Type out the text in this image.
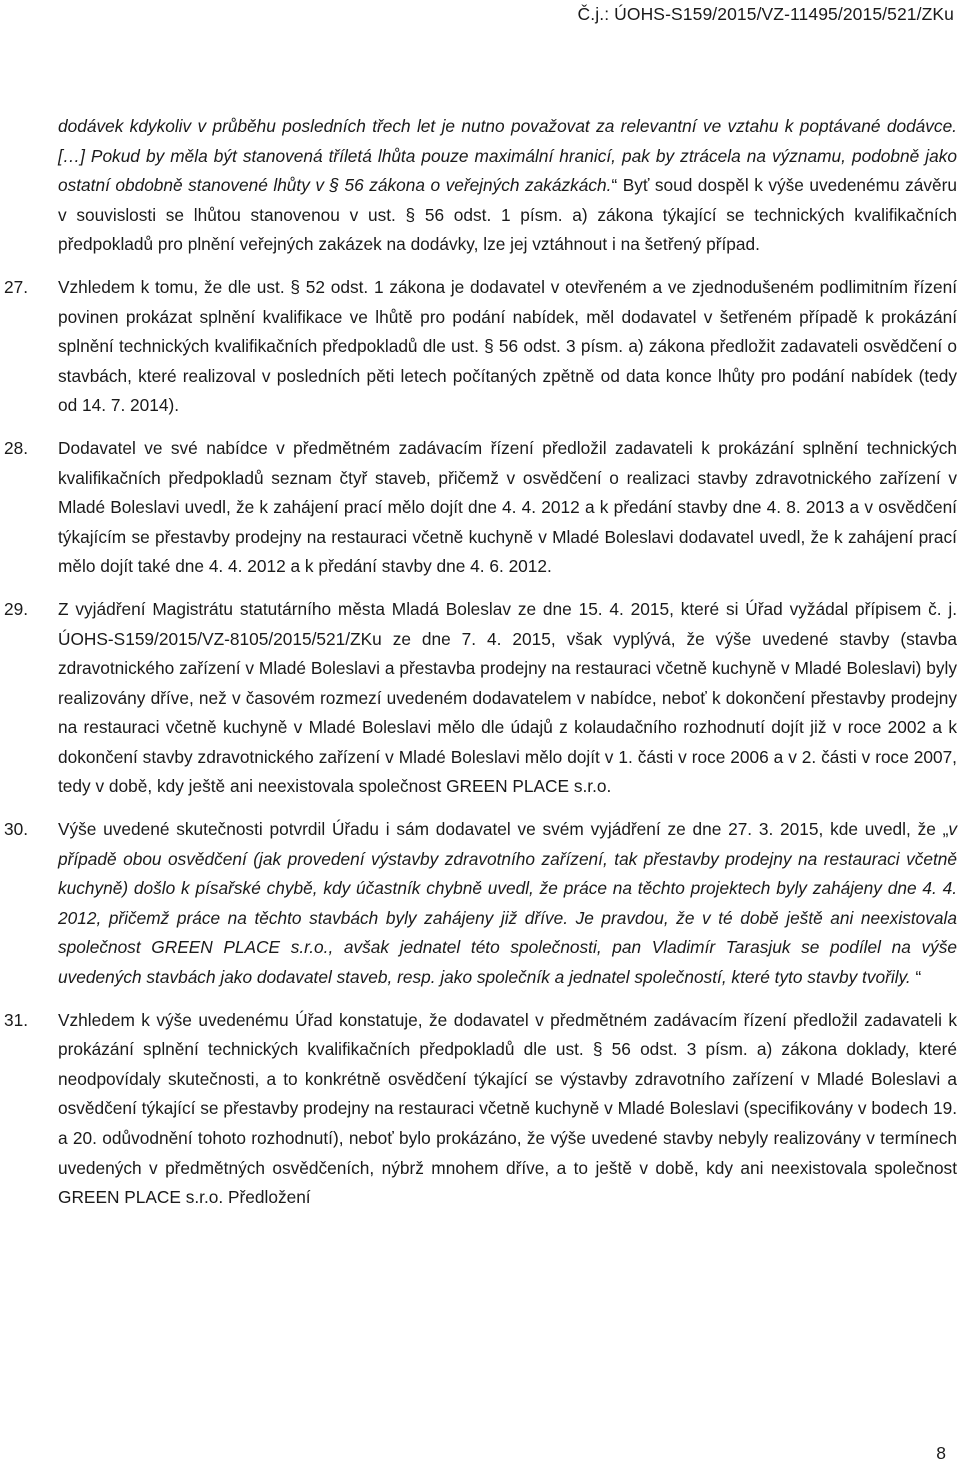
Č.j.: ÚOHS-S159/2015/VZ-11495/2015/521/ZKu
dodávek kdykoliv v průběhu posledních třech let je nutno považovat za relevantní ve vztahu k poptávané dodávce. […] Pokud by měla být stanovená tříletá lhůta pouze maximální hranicí, pak by ztrácela na významu, podobně jako ostatní obdobně stanovené lhůty v § 56 zákona o veřejných zakázkách.“ Byť soud dospěl k výše uvedenému závěru v souvislosti se lhůtou stanovenou v ust. § 56 odst. 1 písm. a) zákona týkající se technických kvalifikačních předpokladů pro plnění veřejných zakázek na dodávky, lze jej vztáhnout i na šetřený případ.
27. Vzhledem k tomu, že dle ust. § 52 odst. 1 zákona je dodavatel v otevřeném a ve zjednodušeném podlimitním řízení povinen prokázat splnění kvalifikace ve lhůtě pro podání nabídek, měl dodavatel v šetřeném případě k prokázání splnění technických kvalifikačních předpokladů dle ust. § 56 odst. 3 písm. a) zákona předložit zadavateli osvědčení o stavbách, které realizoval v posledních pěti letech počítaných zpětně od data konce lhůty pro podání nabídek (tedy od 14. 7. 2014).
28. Dodavatel ve své nabídce v předmětném zadávacím řízení předložil zadavateli k prokázání splnění technických kvalifikačních předpokladů seznam čtyř staveb, přičemž v osvědčení o realizaci stavby zdravotnického zařízení v Mladé Boleslavi uvedl, že k zahájení prací mělo dojít dne 4. 4. 2012 a k předání stavby dne 4. 8. 2013 a v osvědčení týkajícím se přestavby prodejny na restauraci včetně kuchyně v Mladé Boleslavi dodavatel uvedl, že k zahájení prací mělo dojít také dne 4. 4. 2012 a k předání stavby dne 4. 6. 2012.
29. Z vyjádření Magistrátu statutárního města Mladá Boleslav ze dne 15. 4. 2015, které si Úřad vyžádal přípisem č. j. ÚOHS-S159/2015/VZ-8105/2015/521/ZKu ze dne 7. 4. 2015, však vyplývá, že výše uvedené stavby (stavba zdravotnického zařízení v Mladé Boleslavi a přestavba prodejny na restauraci včetně kuchyně v Mladé Boleslavi) byly realizovány dříve, než v časovém rozmezí uvedeném dodavatelem v nabídce, neboť k dokončení přestavby prodejny na restauraci včetně kuchyně v Mladé Boleslavi mělo dle údajů z kolaudačního rozhodnutí dojít již v roce 2002 a k dokončení stavby zdravotnického zařízení v Mladé Boleslavi mělo dojít v 1. části v roce 2006 a v 2. části v roce 2007, tedy v době, kdy ještě ani neexistovala společnost GREEN PLACE s.r.o.
30. Výše uvedené skutečnosti potvrdil Úřadu i sám dodavatel ve svém vyjádření ze dne 27. 3. 2015, kde uvedl, že „v případě obou osvědčení (jak provedení výstavby zdravotního zařízení, tak přestavby prodejny na restauraci včetně kuchyně) došlo k písařské chybě, kdy účastník chybně uvedl, že práce na těchto projektech byly zahájeny dne 4. 4. 2012, přičemž práce na těchto stavbách byly zahájeny již dříve. Je pravdou, že v té době ještě ani neexistovala společnost GREEN PLACE s.r.o., avšak jednatel této společnosti, pan Vladimír Tarasjuk se podílel na výše uvedených stavbách jako dodavatel staveb, resp. jako společník a jednatel společností, které tyto stavby tvořily. “
31. Vzhledem k výše uvedenému Úřad konstatuje, že dodavatel v předmětném zadávacím řízení předložil zadavateli k prokázání splnění technických kvalifikačních předpokladů dle ust. § 56 odst. 3 písm. a) zákona doklady, které neodpovídaly skutečnosti, a to konkrétně osvědčení týkající se výstavby zdravotního zařízení v Mladé Boleslavi a osvědčení týkající se přestavby prodejny na restauraci včetně kuchyně v Mladé Boleslavi (specifikovány v bodech 19. a 20. odůvodnění tohoto rozhodnutí), neboť bylo prokázáno, že výše uvedené stavby nebyly realizovány v termínech uvedených v předmětných osvědčeních, nýbrž mnohem dříve, a to ještě v době, kdy ani neexistovala společnost GREEN PLACE s.r.o. Předložení
8
